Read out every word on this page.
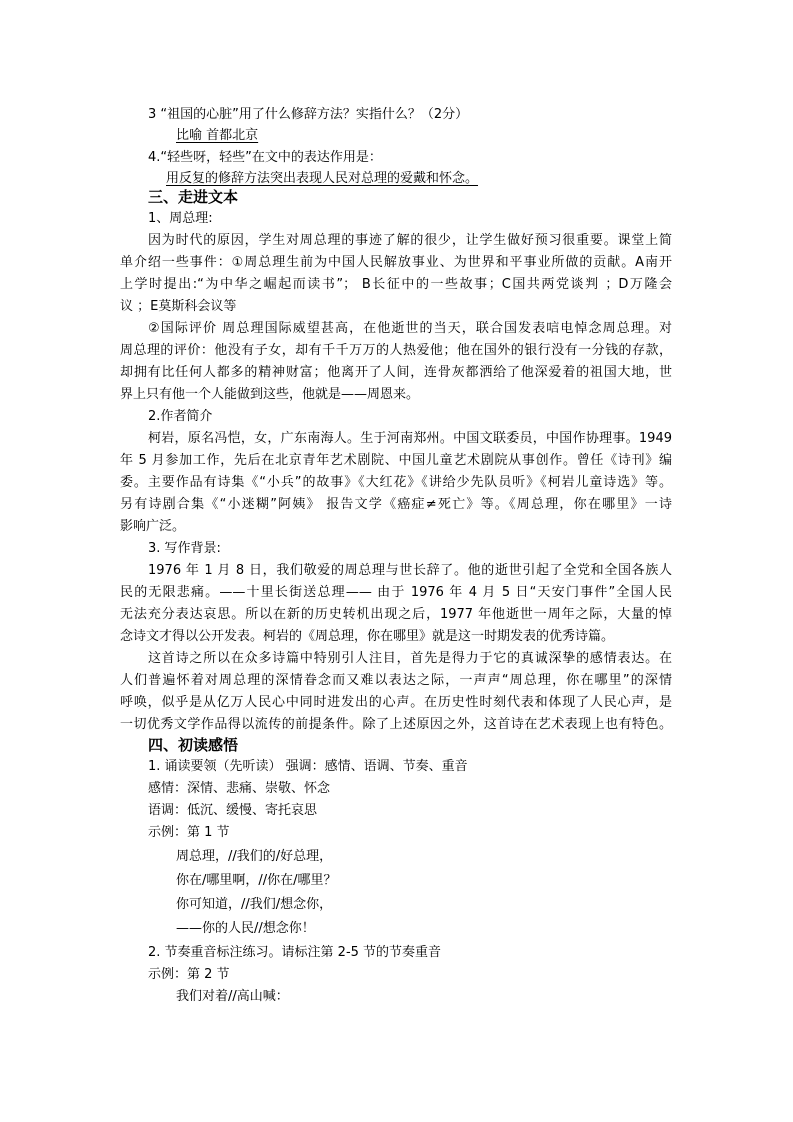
3 “祖国的心脏”用了什么修辞方法？实指什么？（2分）
比喻 首都北京
4.“轻些呀，轻些”在文中的表达作用是：
用反复的修辞方法突出表现人民对总理的爱戴和怀念。
三、走进文本
1、周总理:
因为时代的原因，学生对周总理的事迹了解的很少，让学生做好预习很重要。课堂上简
单介绍一些事件：①周总理生前为中国人民解放事业、为世界和平事业所做的贡献。A南开
上学时提出:“为中华之崛起而读书”； B长征中的一些故事；C国共两党谈判 ；D万隆会
议 ；E莫斯科会议等
②国际评价 周总理国际威望甚高，在他逝世的当天，联合国发表唁电悼念周总理。对
周总理的评价：他没有子女，却有千千万万的人热爱他；他在国外的银行没有一分钱的存款，
却拥有比任何人都多的精神财富；他离开了人间，连骨灰都洒给了他深爱着的祖国大地，世
界上只有他一个人能做到这些，他就是——周恩来。
2.作者简介
柯岩，原名冯恺，女，广东南海人。生于河南郑州。中国文联委员，中国作协理事。1949
年 5 月参加工作，先后在北京青年艺术剧院、中国儿童艺术剧院从事创作。曾任《诗刊》编
委。主要作品有诗集《“小兵”的故事》《大红花》《讲给少先队员听》《柯岩儿童诗选》等。
另有诗剧合集《“小迷糊”阿姨》 报告文学《癌症≠死亡》等。《周总理，你在哪里》一诗
影响广泛。
3. 写作背景:
1976 年 1 月 8 日，我们敬爱的周总理与世长辞了。他的逝世引起了全党和全国各族人
民的无限悲痛。——十里长街送总理—— 由于 1976 年 4 月 5 日“天安门事件”全国人民
无法充分表达哀思。所以在新的历史转机出现之后，1977 年他逝世一周年之际，大量的悼
念诗文才得以公开发表。柯岩的《周总理，你在哪里》就是这一时期发表的优秀诗篇。
这首诗之所以在众多诗篇中特别引人注目，首先是得力于它的真诚深挚的感情表达。在
人们普遍怀着对周总理的深情眷念而又难以表达之际，一声声“周总理，你在哪里”的深情
呼唤，似乎是从亿万人民心中同时进发出的心声。在历史性时刻代表和体现了人民心声，是
一切优秀文学作品得以流传的前提条件。除了上述原因之外，这首诗在艺术表现上也有特色。
四、初读感悟
1. 诵读要领（先听读） 强调：感情、语调、节奏、重音
感情：深情、悲痛、崇敬、怀念
语调：低沉、缓慢、寄托哀思
示例：第 1 节
周总理，//我们的/好总理，
你在/哪里啊，//你在/哪里？
你可知道，//我们/想念你，
——你的人民//想念你！
2. 节奏重音标注练习。请标注第 2-5 节的节奏重音
示例：第 2 节
我们对着//高山喊：
